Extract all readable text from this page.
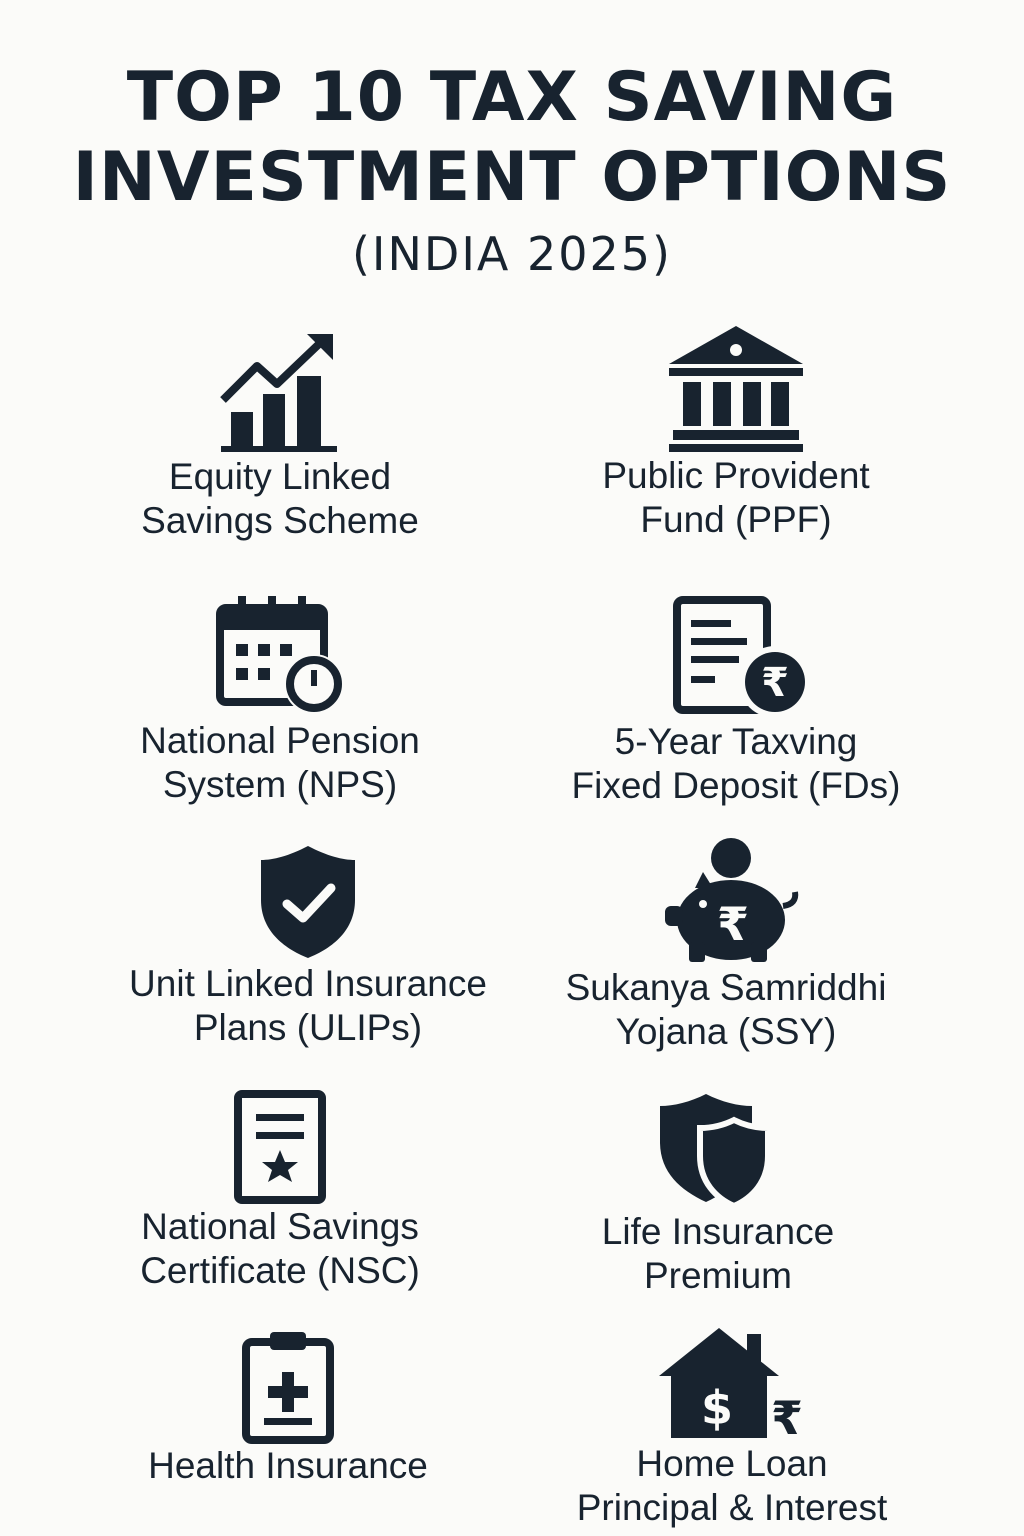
TOP 10 TAX SAVING
INVESTMENT OPTIONS
(INDIA 2025)
Equity Linked
Savings Scheme
Public Provident
Fund (PPF)
National Pension
System (NPS)
₹
5-Year Taxving
Fixed Deposit (FDs)
Unit Linked Insurance
Plans (ULIPs)
₹
Sukanya Samriddhi
Yojana (SSY)
National Savings
Certificate (NSC)
Life Insurance
Premium
Health Insurance
$ ₹
Home Loan
Principal & Interest
